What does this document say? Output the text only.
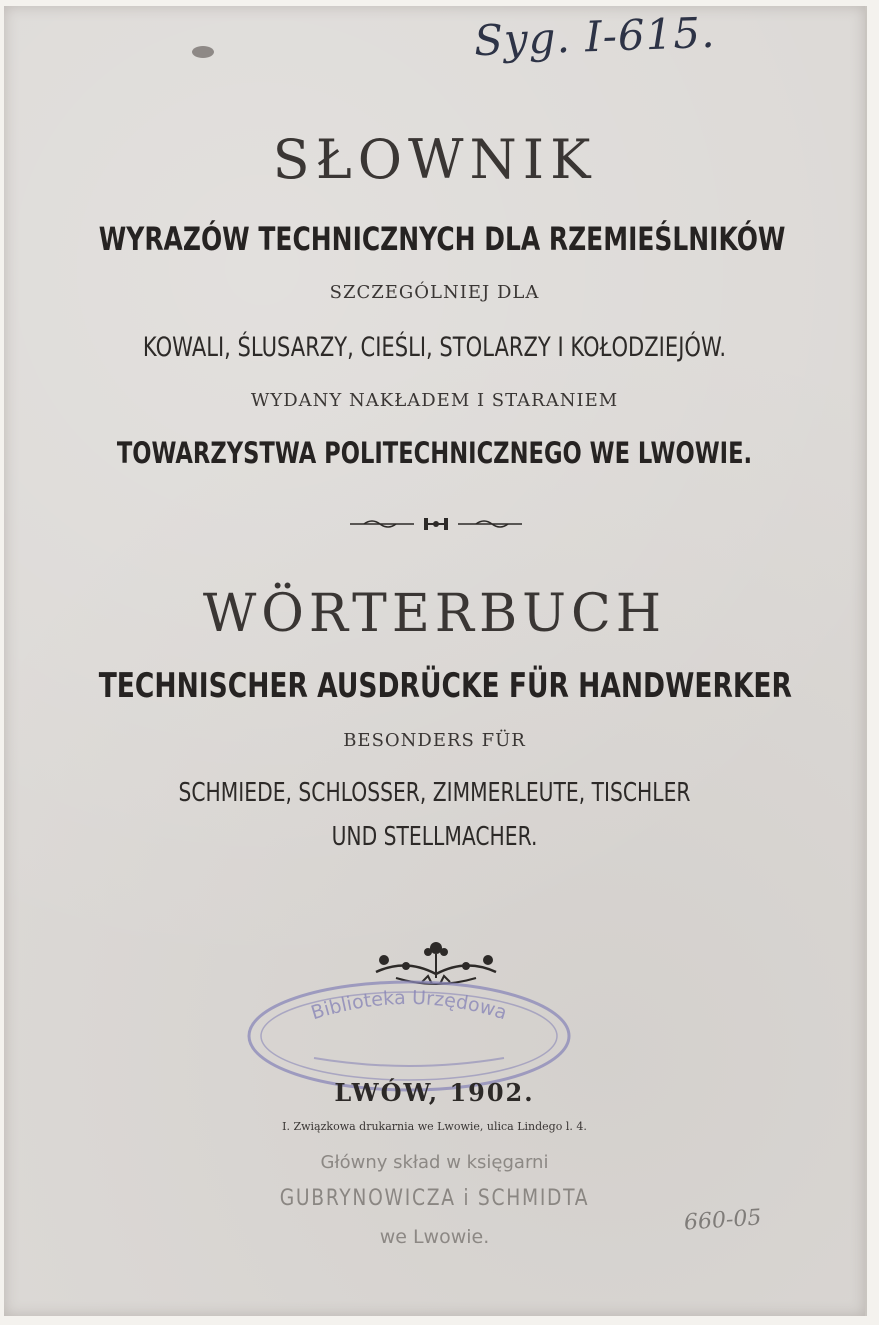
Syg. I-615.
SŁOWNIK
WYRAZÓW TECHNICZNYCH DLA RZEMIEŚLNIKÓW
SZCZEGÓLNIEJ DLA
KOWALI, ŚLUSARZY, CIEŚLI, STOLARZY I KOŁODZIEJÓW.
WYDANY NAKŁADEM I STARANIEM
TOWARZYSTWA POLITECHNICZNEGO WE LWOWIE.
WÖRTERBUCH
TECHNISCHER AUSDRÜCKE FÜR HANDWERKER
BESONDERS FÜR
SCHMIEDE, SCHLOSSER, ZIMMERLEUTE, TISCHLER
UND STELLMACHER.
Biblioteka Urzędowa
LWÓW, 1902.
I. Związkowa drukarnia we Lwowie, ulica Lindego l. 4.
Główny skład w księgarni
GUBRYNOWICZA i SCHMIDTA
we Lwowie.
660-05
